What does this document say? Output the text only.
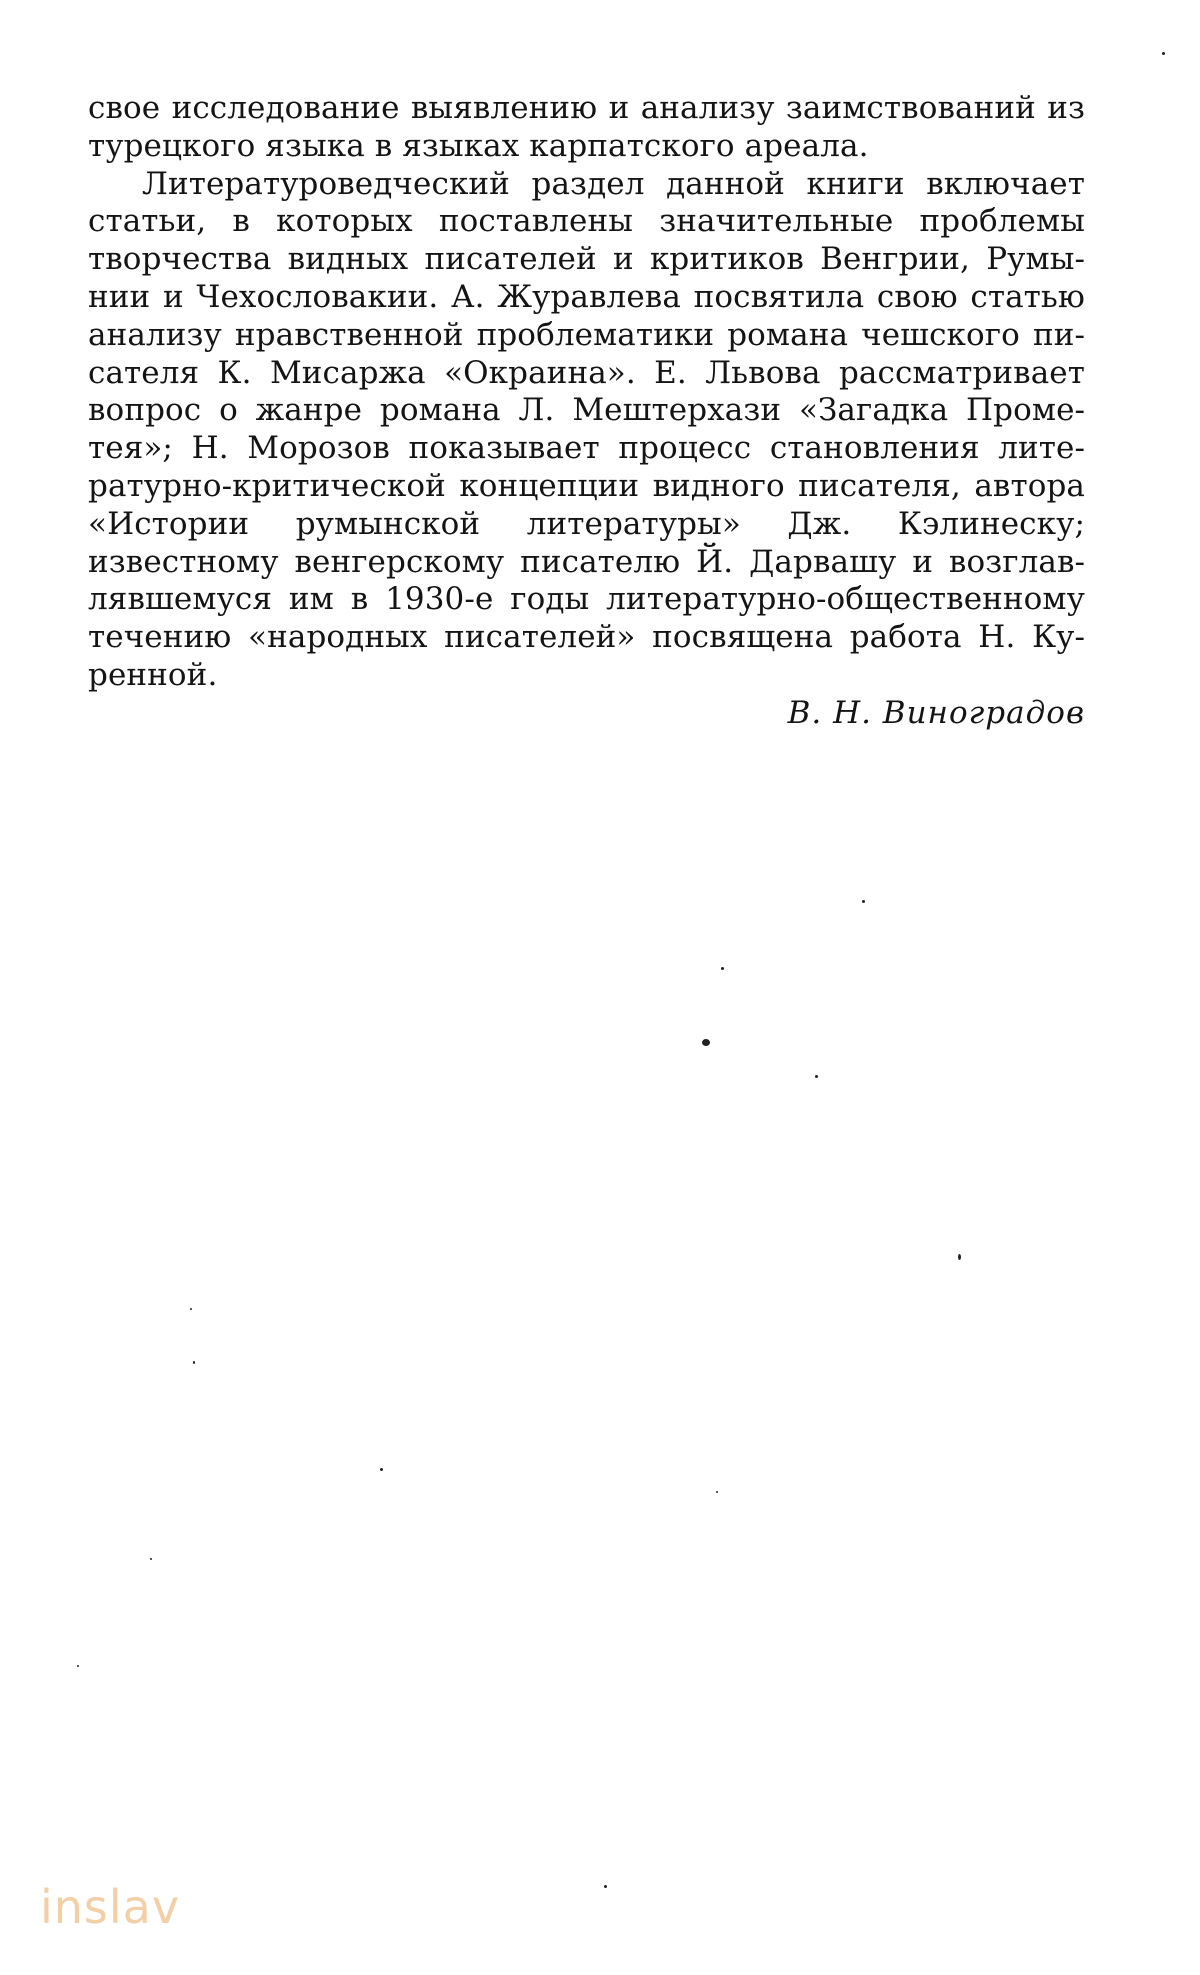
свое исследование выявлению и анализу заимствований из турецкого языка в языках карпатского ареала.

Литературоведческий раздел данной книги включает статьи, в которых поставлены значительные проблемы творчества видных писателей и критиков Венгрии, Румынии и Чехословакии. А. Журавлева посвятила свою статью анализу нравственной проблематики романа чешского писателя К. Мисаржа «Окраина». Е. Львова рассматривает вопрос о жанре романа Л. Мештерхази «Загадка Прометея»; Н. Морозов показывает процесс становления литературно-критической концепции видного писателя, автора «Истории румынской литературы» Дж. Кэлинеску; известному венгерскому писателю Й. Дарвашу и возглавлявшемуся им в 1930-е годы литературно-общественному течению «народных писателей» посвящена работа Н. Куренной.

В. Н. Виноградов

inslav
